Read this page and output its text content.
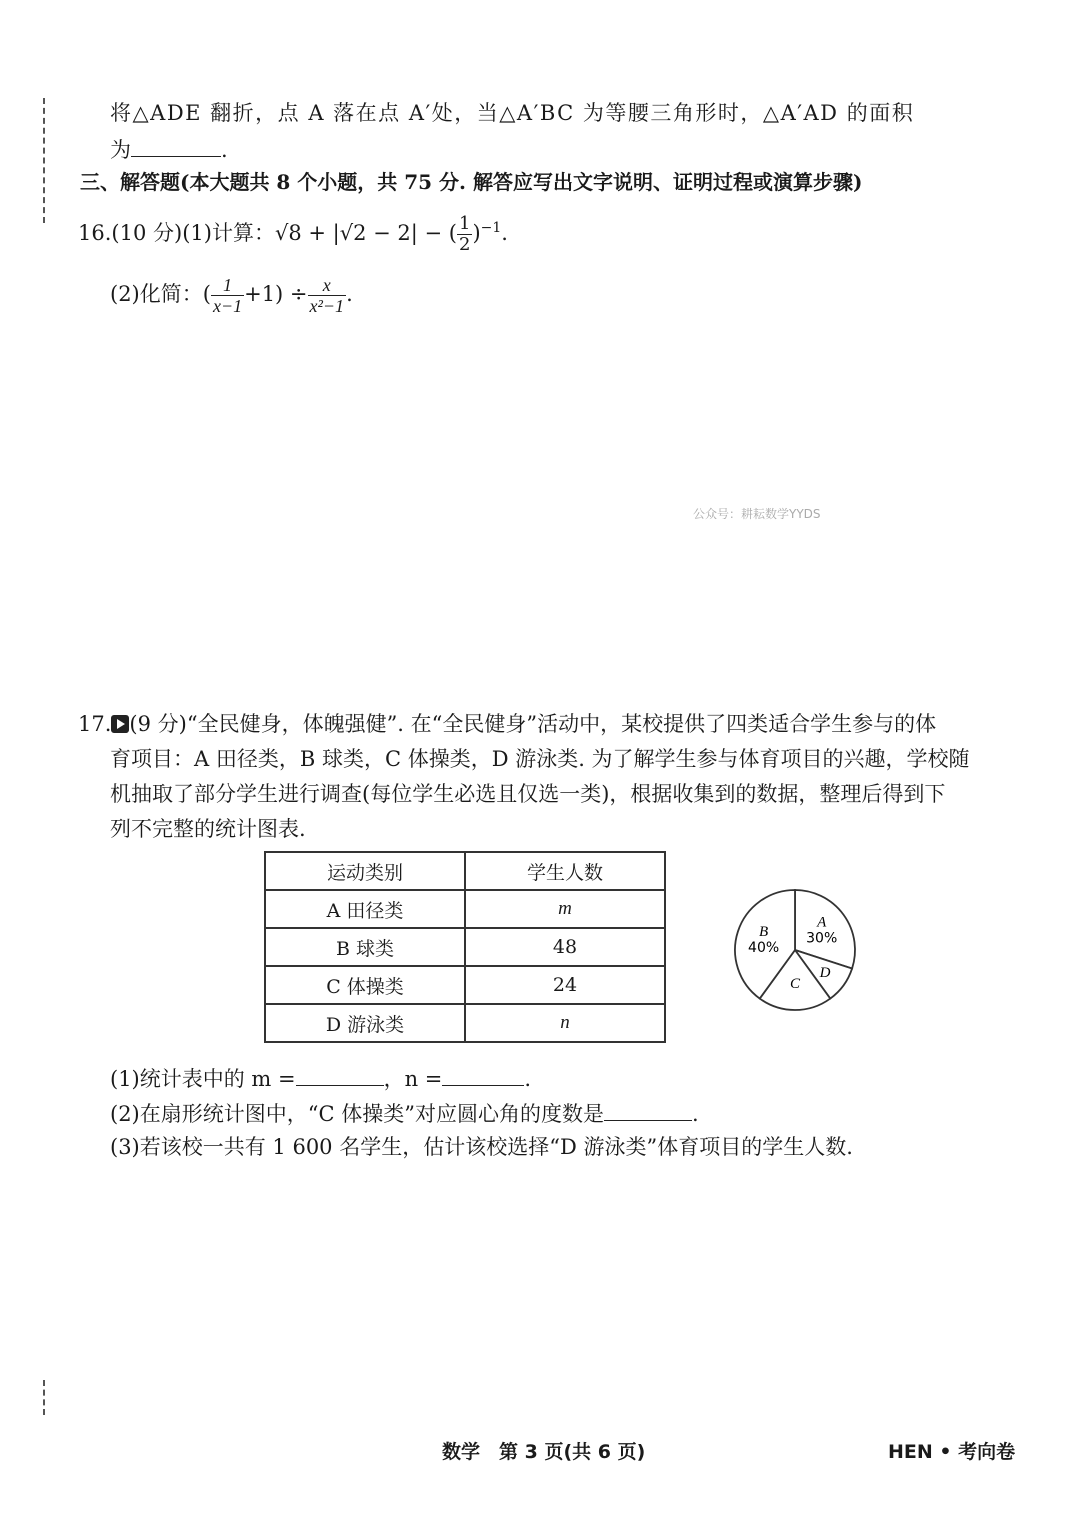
将△ADE 翻折，点 A 落在点 A′处，当△A′BC 为等腰三角形时，△A′AD 的面积
为	.
三、解答题(本大题共 8 个小题，共 75 分. 解答应写出文字说明、证明过程或演算步骤)
16.(10 分)(1)计算：√8 + |√2 − 2| − ( $\frac{1}{2} )^{-1}$.
(2)化简：( $\frac{1}{x-1} +1) \div \frac{x}{\text{x²−1}}$ .
公众号：耕耘数学YYDS
17. (9 分)“全民健身，体魄强健”. 在“全民健身”活动中，某校提供了四类适合学生参与的体
育项目：A 田径类，B 球类，C 体操类，D 游泳类. 为了解学生参与体育项目的兴趣，学校随
机抽取了部分学生进行调查(每位学生必选且仅选一类)，根据收集到的数据，整理后得到下
列不完整的统计图表.
运动类别	学生人数
A 田径类	m
B 球类	48
C 体操类	24
D 游泳类	n
A
30%
D
C
B
40%
(1)统计表中的 m =	，n =	.
(2)在扇形统计图中，“C 体操类”对应圆心角的度数是	.
(3)若该校一共有 1 600 名学生，估计该校选择“D 游泳类”体育项目的学生人数.
数学　第 3 页(共 6 页)	HEN • 考向卷
